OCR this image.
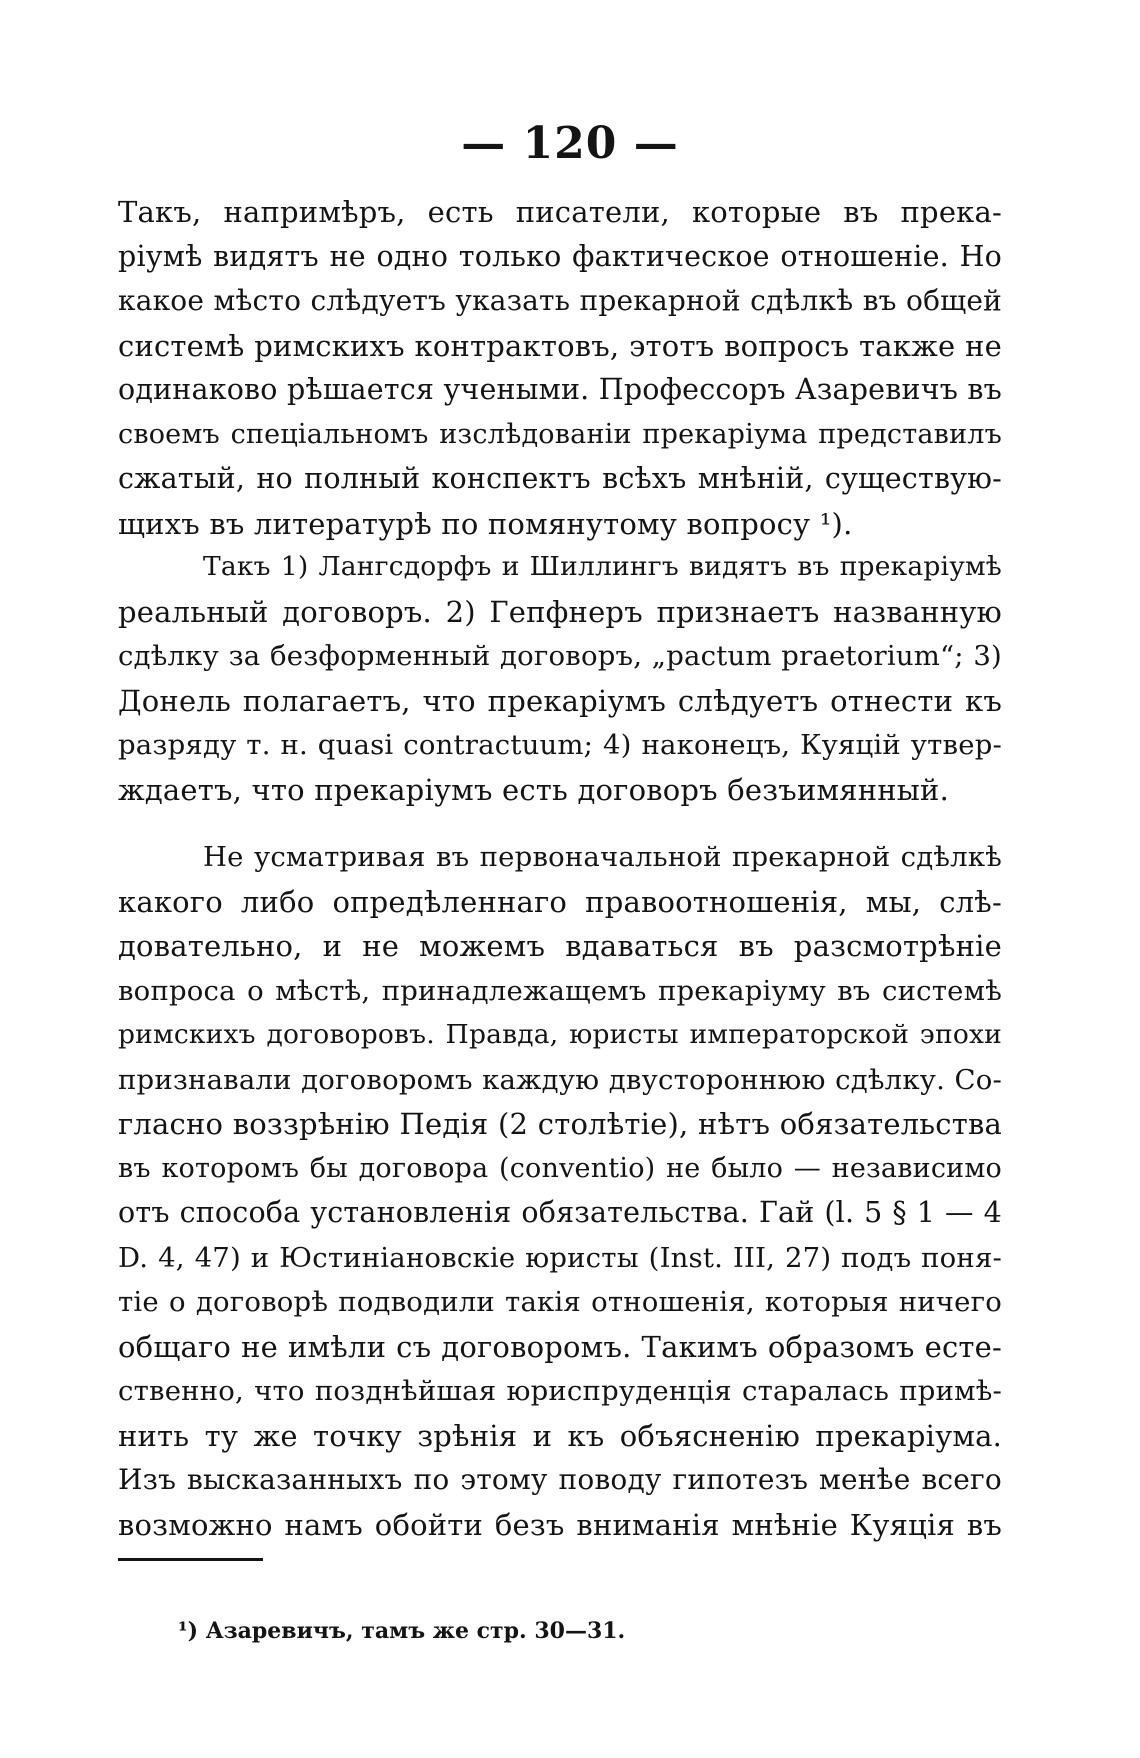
— 120 —
Такъ, напримѣръ, есть писатели, которые въ прека-
ріумѣ видятъ не одно только фактическое отношеніе. Но
какое мѣсто слѣдуетъ указать прекарной сдѣлкѣ въ общей
системѣ римскихъ контрактовъ, этотъ вопросъ также не
одинаково рѣшается учеными. Профессоръ Азаревичъ въ
своемъ спеціальномъ изслѣдованіи прекаріума представилъ
сжатый, но полный конспектъ всѣхъ мнѣній, существую-
щихъ въ литературѣ по помянутому вопросу ¹).
Такъ 1) Лангсдорфъ и Шиллингъ видятъ въ прекаріумѣ
реальный договоръ. 2) Гепфнеръ признаетъ названную
сдѣлку за безформенный договоръ, „pactum praetorium“; 3)
Донель полагаетъ, что прекаріумъ слѣдуетъ отнести къ
разряду т. н. quasi contractuum; 4) наконецъ, Куяцій утвер-
ждаетъ, что прекаріумъ есть договоръ безъимянный.
Не усматривая въ первоначальной прекарной сдѣлкѣ
какого либо опредѣленнаго правоотношенія, мы, слѣ-
довательно, и не можемъ вдаваться въ разсмотрѣніе
вопроса о мѣстѣ, принадлежащемъ прекаріуму въ системѣ
римскихъ договоровъ. Правда, юристы императорской эпохи
признавали договоромъ каждую двустороннюю сдѣлку. Со-
гласно воззрѣнію Педія (2 столѣтіе), нѣтъ обязательства
въ которомъ бы договора (conventio) не было — независимо
отъ способа установленія обязательства. Гай (l. 5 § 1 — 4
D. 4, 47) и Юстиніановскіе юристы (Inst. III, 27) подъ поня-
тіе о договорѣ подводили такія отношенія, которыя ничего
общаго не имѣли съ договоромъ. Такимъ образомъ есте-
ственно, что позднѣйшая юриспруденція старалась примѣ-
нить ту же точку зрѣнія и къ объясненію прекаріума.
Изъ высказанныхъ по этому поводу гипотезъ менѣе всего
возможно намъ обойти безъ вниманія мнѣніе Куяція въ
¹) Азаревичъ, тамъ же стр. 30—31.
